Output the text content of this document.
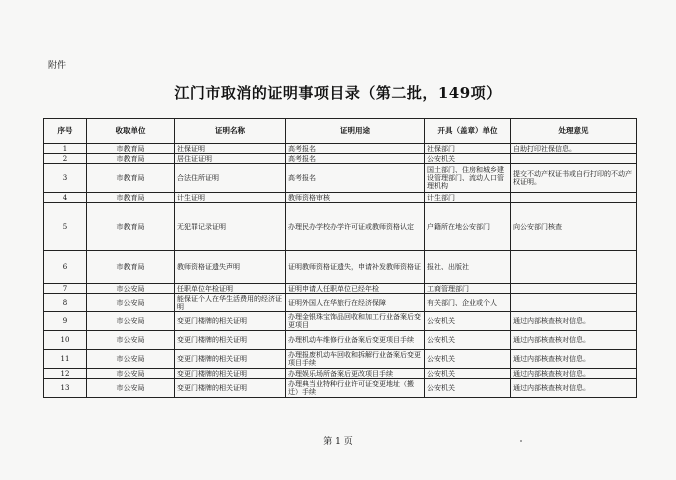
附件
江门市取消的证明事项目录（第二批，149项）
序号	收取单位	证明名称	证明用途	开具（盖章）单位	处理意见
1	市教育局	社保证明	高考报名	社保部门	自助打印社保信息。
2	市教育局	居住证证明	高考报名	公安机关	
3	市教育局	合法住所证明	高考报名	国土部门、住房和城乡建设管理部门、流动人口管理机构	提交不动产权证书或自行打印的不动产权证明。
4	市教育局	计生证明	教师资格审核	计生部门	
5	市教育局	无犯罪记录证明	办理民办学校办学许可证或教师资格认定	户籍所在地公安部门	向公安部门核查
6	市教育局	教师资格证遗失声明	证明教师资格证遗失，申请补发教师资格证	报社、出版社	
7	市公安局	任职单位年检证明	证明申请人任职单位已经年检	工商管理部门	
8	市公安局	能保证个人在华生活费用的经济证明	证明外国人在华旅行在经济保障	有关部门、企业或个人	
9	市公安局	变更门楼牌的相关证明	办理金银珠宝饰品回收和加工行业备案后变更项目	公安机关	通过内部核查核对信息。
10	市公安局	变更门楼牌的相关证明	办理机动车维修行业备案后变更项目手续	公安机关	通过内部核查核对信息。
11	市公安局	变更门楼牌的相关证明	办理报废机动车回收和拆解行业备案后变更项目手续	公安机关	通过内部核查核对信息。
12	市公安局	变更门楼牌的相关证明	办理娱乐场所备案后更改项目手续	公安机关	通过内部核查核对信息。
13	市公安局	变更门楼牌的相关证明	办理典当业特种行业许可证变更地址（搬迁）手续	公安机关	通过内部核查核对信息。
第 1 页
